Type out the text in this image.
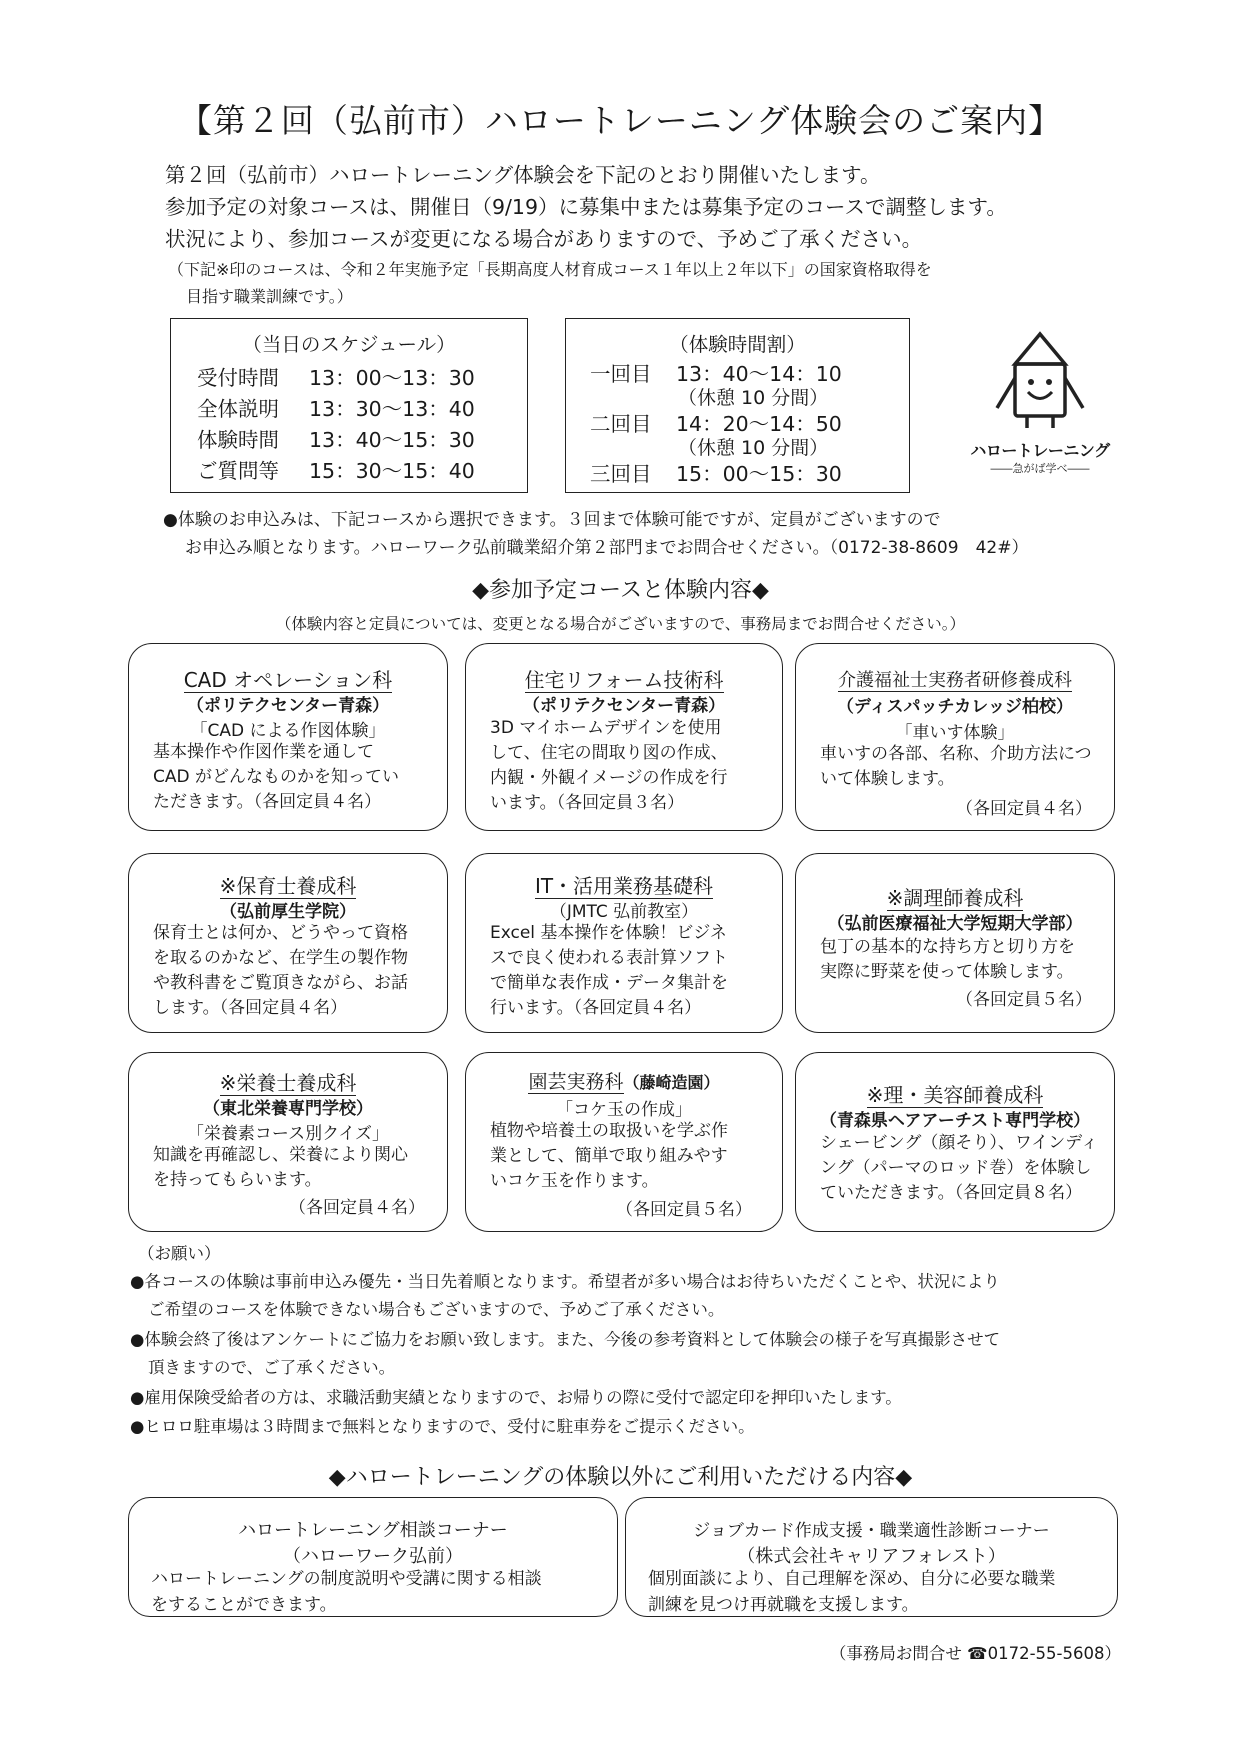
【第２回（弘前市）ハロートレーニング体験会のご案内】
第２回（弘前市）ハロートレーニング体験会を下記のとおり開催いたします。
参加予定の対象コースは、開催日（9/19）に募集中または募集予定のコースで調整します。
状況により、参加コースが変更になる場合がありますので、予めご了承ください。
（下記※印のコースは、令和２年実施予定「長期高度人材育成コース１年以上２年以下」の国家資格取得を
目指す職業訓練です。）
（当日のスケジュール）
受付時間 13：00～13：30
全体説明 13：30～13：40
体験時間 13：40～15：30
ご質問等 15：30～15：40
（体験時間割）
一回目 13：40～14：10
（休憩 10 分間）
二回目 14：20～14：50
（休憩 10 分間）
三回目 15：00～15：30
ハロートレーニング
――急がば学べ――
●体験のお申込みは、下記コースから選択できます。３回まで体験可能ですが、定員がございますので
お申込み順となります。ハローワーク弘前職業紹介第２部門までお問合せください。（0172-38-8609　42#）
◆参加予定コースと体験内容◆
（体験内容と定員については、変更となる場合がございますので、事務局までお問合せください。）
CAD オペレーション科
（ポリテクセンター青森）
「CAD による作図体験」
基本操作や作図作業を通して
CAD がどんなものかを知ってい
ただきます。（各回定員４名）
住宅リフォーム技術科
（ポリテクセンター青森）
3D マイホームデザインを使用
して、住宅の間取り図の作成、
内観・外観イメージの作成を行
います。（各回定員３名）
介護福祉士実務者研修養成科
（ディスパッチカレッジ柏校）
「車いす体験」
車いすの各部、名称、介助方法につ
いて体験します。
（各回定員４名）
※保育士養成科
（弘前厚生学院）
保育士とは何か、どうやって資格
を取るのかなど、在学生の製作物
や教科書をご覧頂きながら、お話
します。（各回定員４名）
IT・活用業務基礎科
（JMTC 弘前教室）
Excel 基本操作を体験！ビジネ
スで良く使われる表計算ソフト
で簡単な表作成・データ集計を
行います。（各回定員４名）
※調理師養成科
（弘前医療福祉大学短期大学部）
包丁の基本的な持ち方と切り方を
実際に野菜を使って体験します。
（各回定員５名）
※栄養士養成科
（東北栄養専門学校）
「栄養素コース別クイズ」
知識を再確認し、栄養により関心
を持ってもらいます。
（各回定員４名）
園芸実務科（藤崎造園）
「コケ玉の作成」
植物や培養土の取扱いを学ぶ作
業として、簡単で取り組みやす
いコケ玉を作ります。
（各回定員５名）
※理・美容師養成科
（青森県ヘアアーチスト専門学校）
シェービング（顔そり）、ワインディ
ング（パーマのロッド巻）を体験し
ていただきます。（各回定員８名）
（お願い）
●各コースの体験は事前申込み優先・当日先着順となります。希望者が多い場合はお待ちいただくことや、状況により
ご希望のコースを体験できない場合もございますので、予めご了承ください。
●体験会終了後はアンケートにご協力をお願い致します。また、今後の参考資料として体験会の様子を写真撮影させて
頂きますので、ご了承ください。
●雇用保険受給者の方は、求職活動実績となりますので、お帰りの際に受付で認定印を押印いたします。
●ヒロロ駐車場は３時間まで無料となりますので、受付に駐車券をご提示ください。
◆ハロートレーニングの体験以外にご利用いただける内容◆
ハロートレーニング相談コーナー
（ハローワーク弘前）
ハロートレーニングの制度説明や受講に関する相談
をすることができます。
ジョブカード作成支援・職業適性診断コーナー
（株式会社キャリアフォレスト）
個別面談により、自己理解を深め、自分に必要な職業
訓練を見つけ再就職を支援します。
（事務局お問合せ ☎0172-55-5608）
